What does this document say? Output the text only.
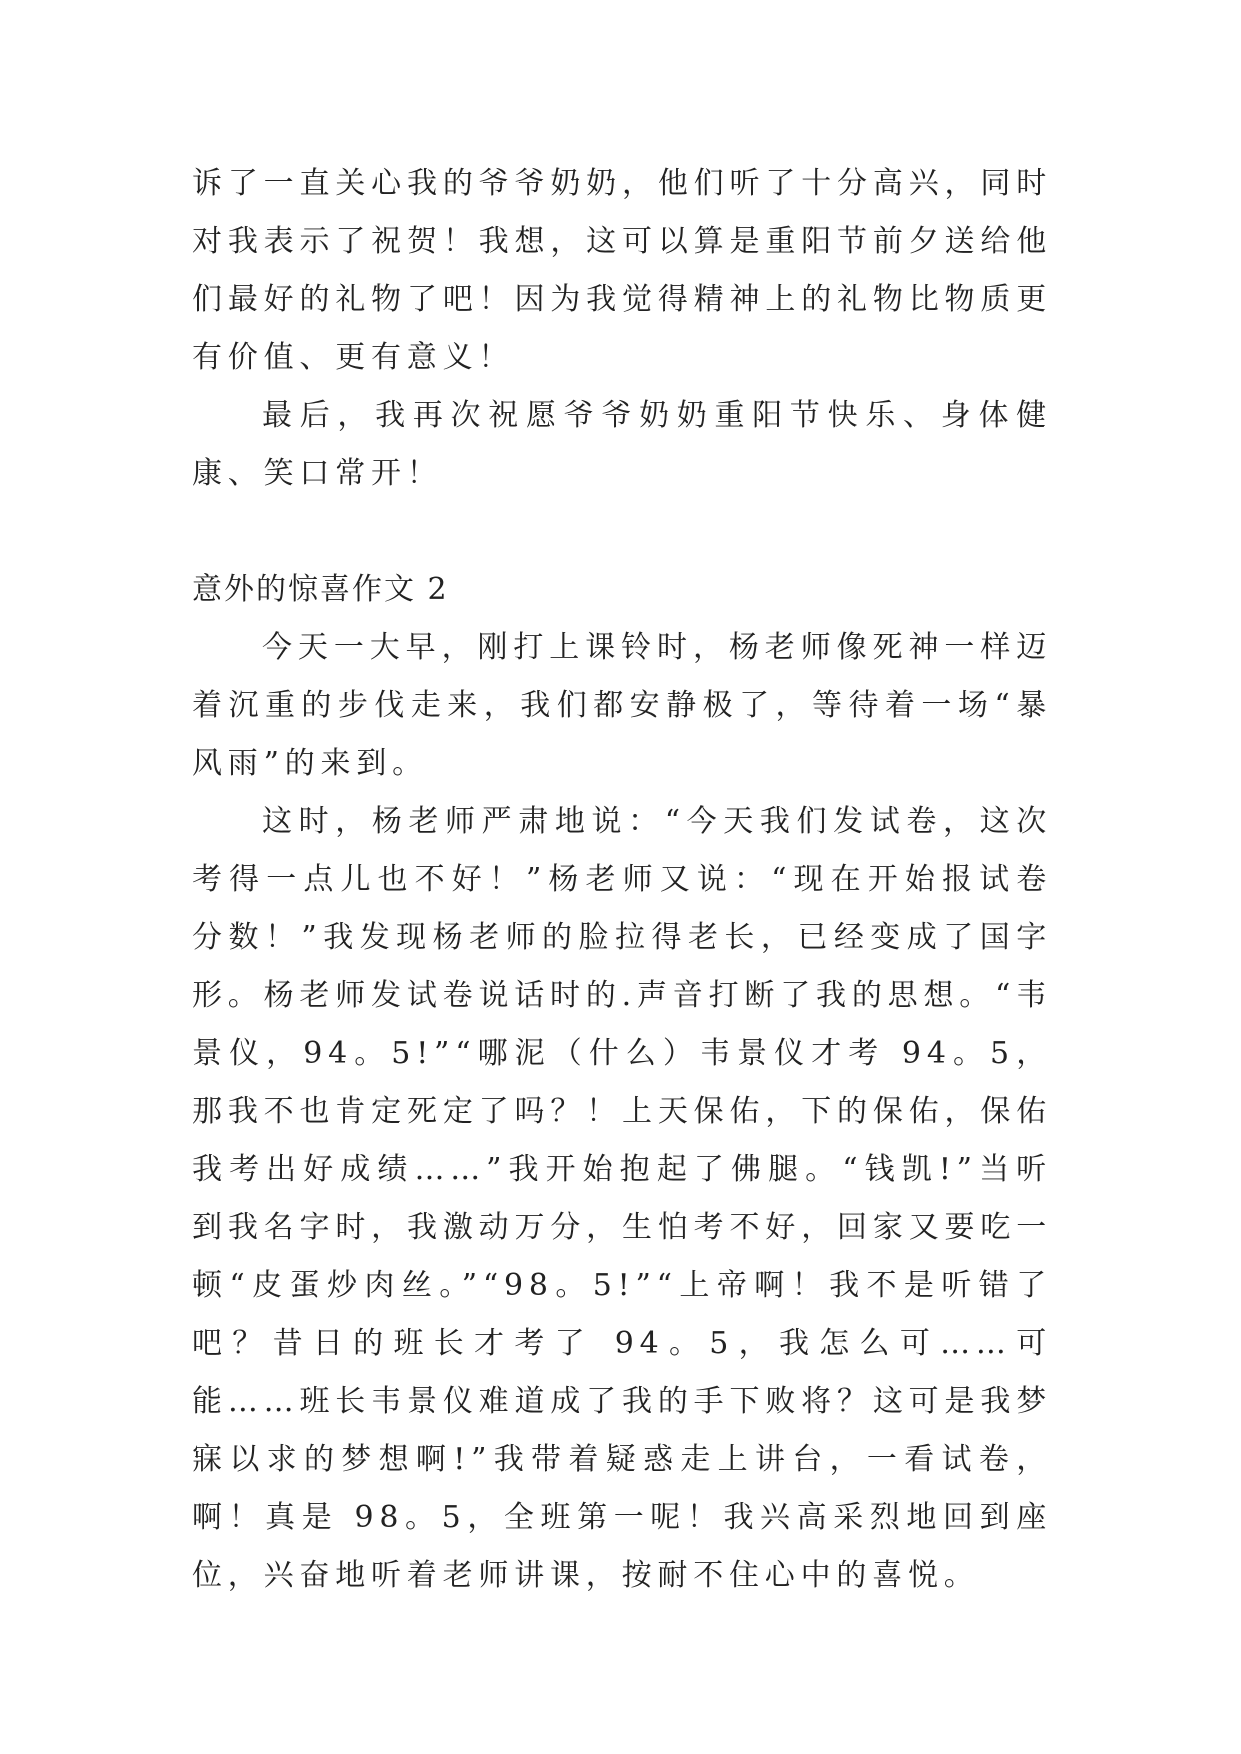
诉了一直关心我的爷爷奶奶，他们听了十分高兴，同时对我表示了祝贺！我想，这可以算是重阳节前夕送给他们最好的礼物了吧！因为我觉得精神上的礼物比物质更有价值、更有意义！

最后，我再次祝愿爷爷奶奶重阳节快乐、身体健康、笑口常开！

意外的惊喜作文 2

今天一大早，刚打上课铃时，杨老师像死神一样迈着沉重的步伐走来，我们都安静极了，等待着一场“暴风雨”的来到。

这时，杨老师严肃地说：“今天我们发试卷，这次考得一点儿也不好！”杨老师又说：“现在开始报试卷分数！”我发现杨老师的脸拉得老长，已经变成了国字形。杨老师发试卷说话时的.声音打断了我的思想。“韦景仪，94。5!”“哪泥（什么）韦景仪才考 94。5，那我不也肯定死定了吗？！上天保佑，下的保佑，保佑我考出好成绩……”我开始抱起了佛腿。“钱凯!”当听到我名字时，我激动万分，生怕考不好，回家又要吃一顿“皮蛋炒肉丝。”“98。5!”“上帝啊！我不是听错了吧？昔日的班长才考了 94。5，我怎么可……可能……班长韦景仪难道成了我的手下败将？这可是我梦寐以求的梦想啊!”我带着疑惑走上讲台，一看试卷，啊！真是 98。5，全班第一呢！我兴高采烈地回到座位，兴奋地听着老师讲课，按耐不住心中的喜悦。
